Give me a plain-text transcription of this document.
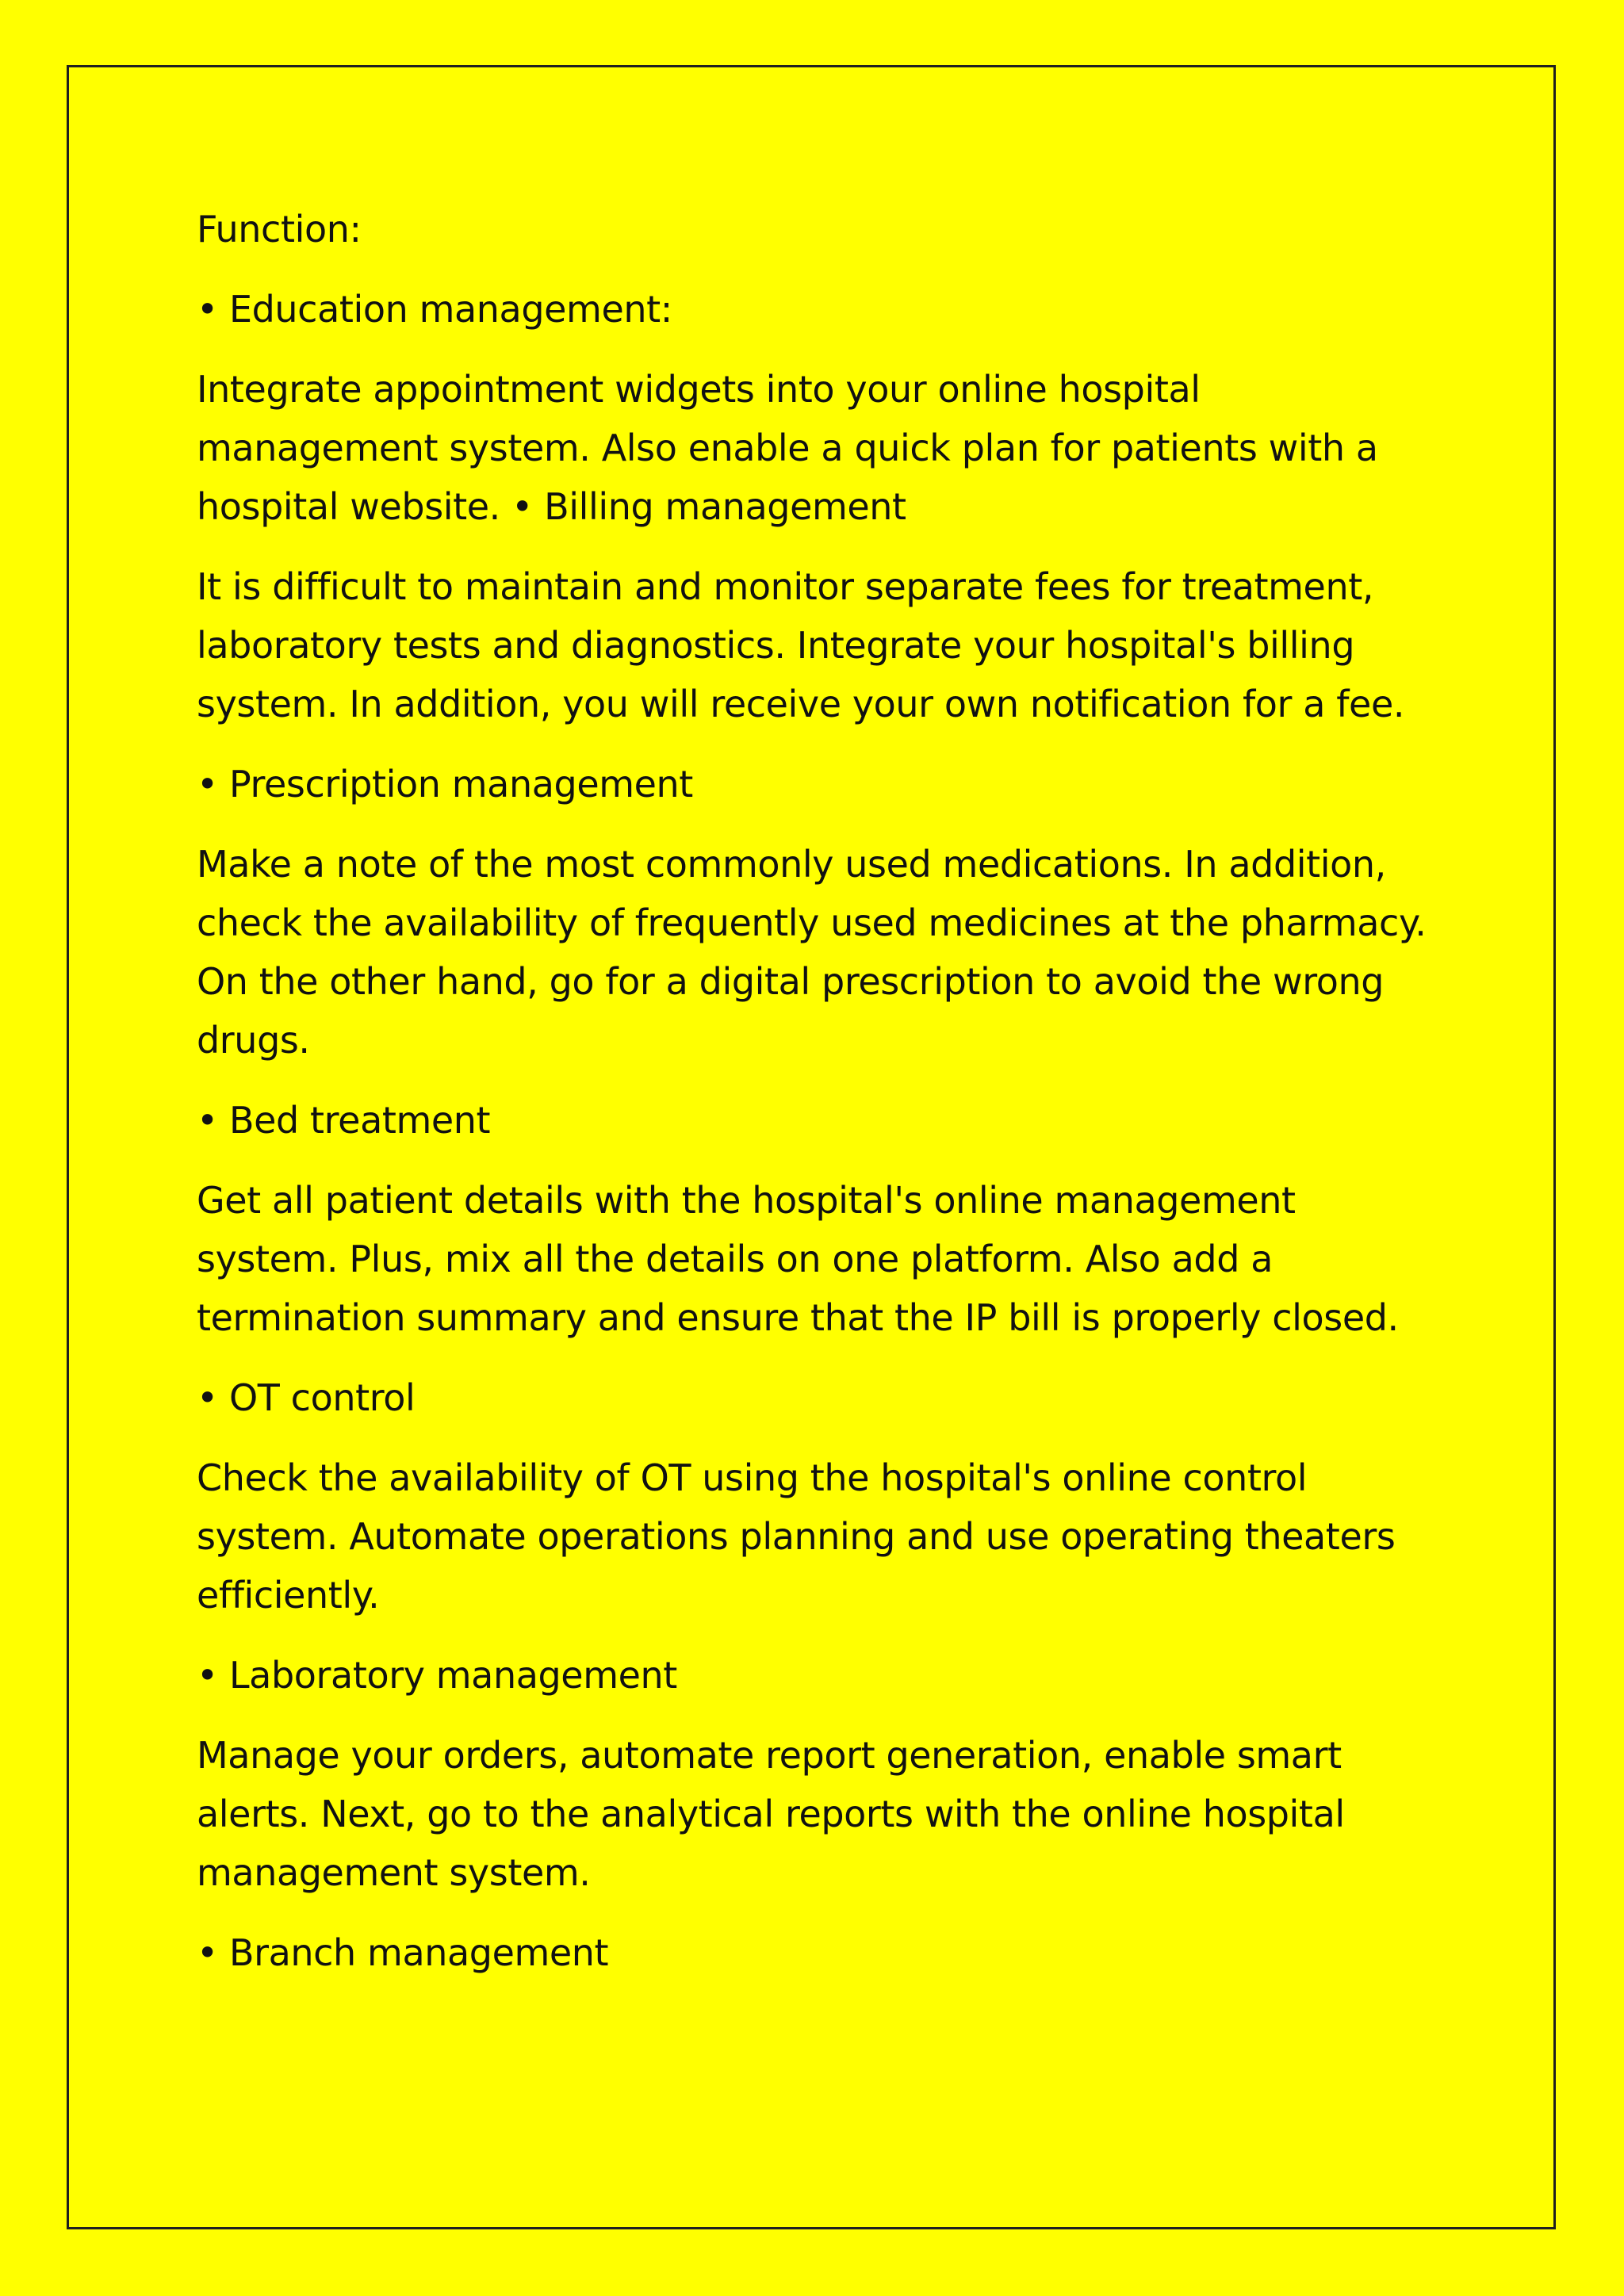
Function:

• Education management:

Integrate appointment widgets into your online hospital management system. Also enable a quick plan for patients with a hospital website. • Billing management

It is difficult to maintain and monitor separate fees for treatment, laboratory tests and diagnostics. Integrate your hospital's billing system. In addition, you will receive your own notification for a fee.

• Prescription management

Make a note of the most commonly used medications. In addition, check the availability of frequently used medicines at the pharmacy. On the other hand, go for a digital prescription to avoid the wrong drugs.

• Bed treatment

Get all patient details with the hospital's online management system. Plus, mix all the details on one platform. Also add a termination summary and ensure that the IP bill is properly closed.

• OT control

Check the availability of OT using the hospital's online control system. Automate operations planning and use operating theaters efficiently.

• Laboratory management

Manage your orders, automate report generation, enable smart alerts. Next, go to the analytical reports with the online hospital management system.

• Branch management
